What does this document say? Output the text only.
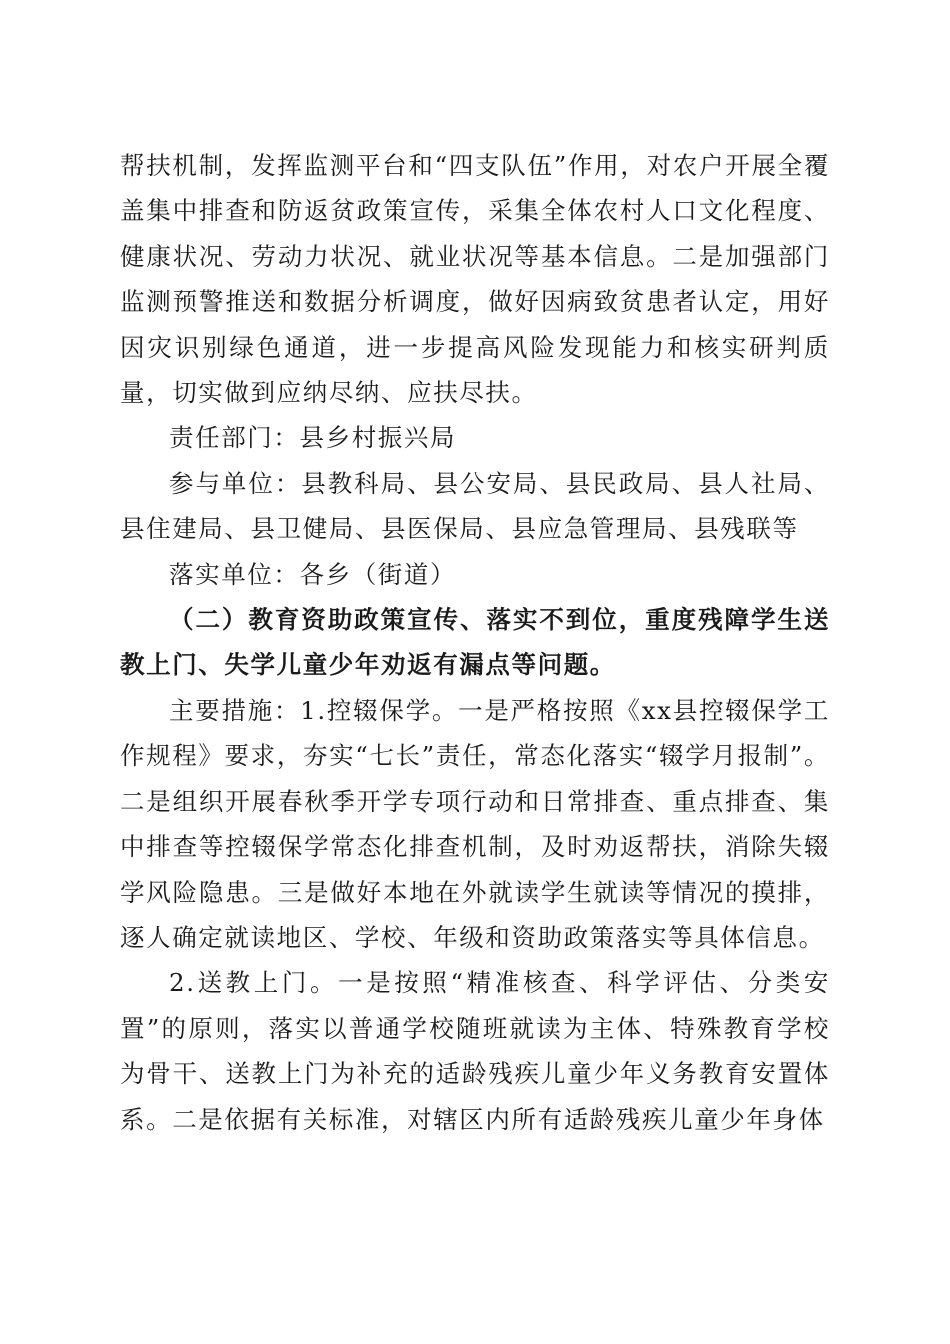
帮扶机制，发挥监测平台和“四支队伍”作用，对农户开展全覆盖集中排查和防返贫政策宣传，采集全体农村人口文化程度、健康状况、劳动力状况、就业状况等基本信息。二是加强部门监测预警推送和数据分析调度，做好因病致贫患者认定，用好因灾识别绿色通道，进一步提高风险发现能力和核实研判质量，切实做到应纳尽纳、应扶尽扶。

责任部门：县乡村振兴局

参与单位：县教科局、县公安局、县民政局、县人社局、县住建局、县卫健局、县医保局、县应急管理局、县残联等

落实单位：各乡（街道）

（二）教育资助政策宣传、落实不到位，重度残障学生送教上门、失学儿童少年劝返有漏点等问题。

主要措施：1.控辍保学。一是严格按照《xx县控辍保学工作规程》要求，夯实“七长”责任，常态化落实“辍学月报制”。二是组织开展春秋季开学专项行动和日常排查、重点排查、集中排查等控辍保学常态化排查机制，及时劝返帮扶，消除失辍学风险隐患。三是做好本地在外就读学生就读等情况的摸排，逐人确定就读地区、学校、年级和资助政策落实等具体信息。

2.送教上门。一是按照“精准核查、科学评估、分类安置”的原则，落实以普通学校随班就读为主体、特殊教育学校为骨干、送教上门为补充的适龄残疾儿童少年义务教育安置体系。二是依据有关标准，对辖区内所有适龄残疾儿童少年身体
